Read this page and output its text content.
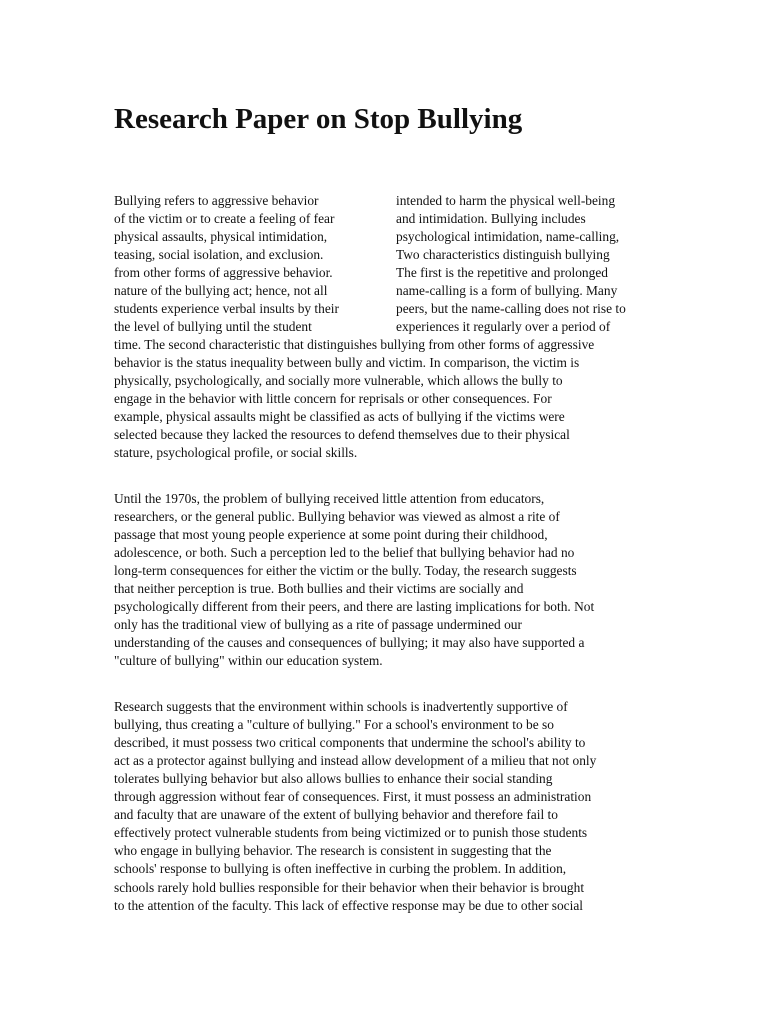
Research Paper on Stop Bullying

Bullying refers to aggressive behavior

of the victim or to create a feeling of fear

physical assaults, physical intimidation,

teasing, social isolation, and exclusion.

from other forms of aggressive behavior.

nature of the bullying act; hence, not all

students experience verbal insults by their

the level of bullying until the student

intended to harm the physical well-being

and intimidation. Bullying includes

psychological intimidation, name-calling,

Two characteristics distinguish bullying

The first is the repetitive and prolonged

name-calling is a form of bullying. Many

peers, but the name-calling does not rise to

experiences it regularly over a period of

time. The second characteristic that distinguishes bullying from other forms of aggressive

behavior is the status inequality between bully and victim. In comparison, the victim is

physically, psychologically, and socially more vulnerable, which allows the bully to

engage in the behavior with little concern for reprisals or other consequences. For

example, physical assaults might be classified as acts of bullying if the victims were

selected because they lacked the resources to defend themselves due to their physical

stature, psychological profile, or social skills.

Until the 1970s, the problem of bullying received little attention from educators,

researchers, or the general public. Bullying behavior was viewed as almost a rite of

passage that most young people experience at some point during their childhood,

adolescence, or both. Such a perception led to the belief that bullying behavior had no

long-term consequences for either the victim or the bully. Today, the research suggests

that neither perception is true. Both bullies and their victims are socially and

psychologically different from their peers, and there are lasting implications for both. Not

only has the traditional view of bullying as a rite of passage undermined our

understanding of the causes and consequences of bullying; it may also have supported a

"culture of bullying" within our education system.

Research suggests that the environment within schools is inadvertently supportive of

bullying, thus creating a "culture of bullying." For a school's environment to be so

described, it must possess two critical components that undermine the school's ability to

act as a protector against bullying and instead allow development of a milieu that not only

tolerates bullying behavior but also allows bullies to enhance their social standing

through aggression without fear of consequences. First, it must possess an administration

and faculty that are unaware of the extent of bullying behavior and therefore fail to

effectively protect vulnerable students from being victimized or to punish those students

who engage in bullying behavior. The research is consistent in suggesting that the

schools' response to bullying is often ineffective in curbing the problem. In addition,

schools rarely hold bullies responsible for their behavior when their behavior is brought

to the attention of the faculty. This lack of effective response may be due to other social
